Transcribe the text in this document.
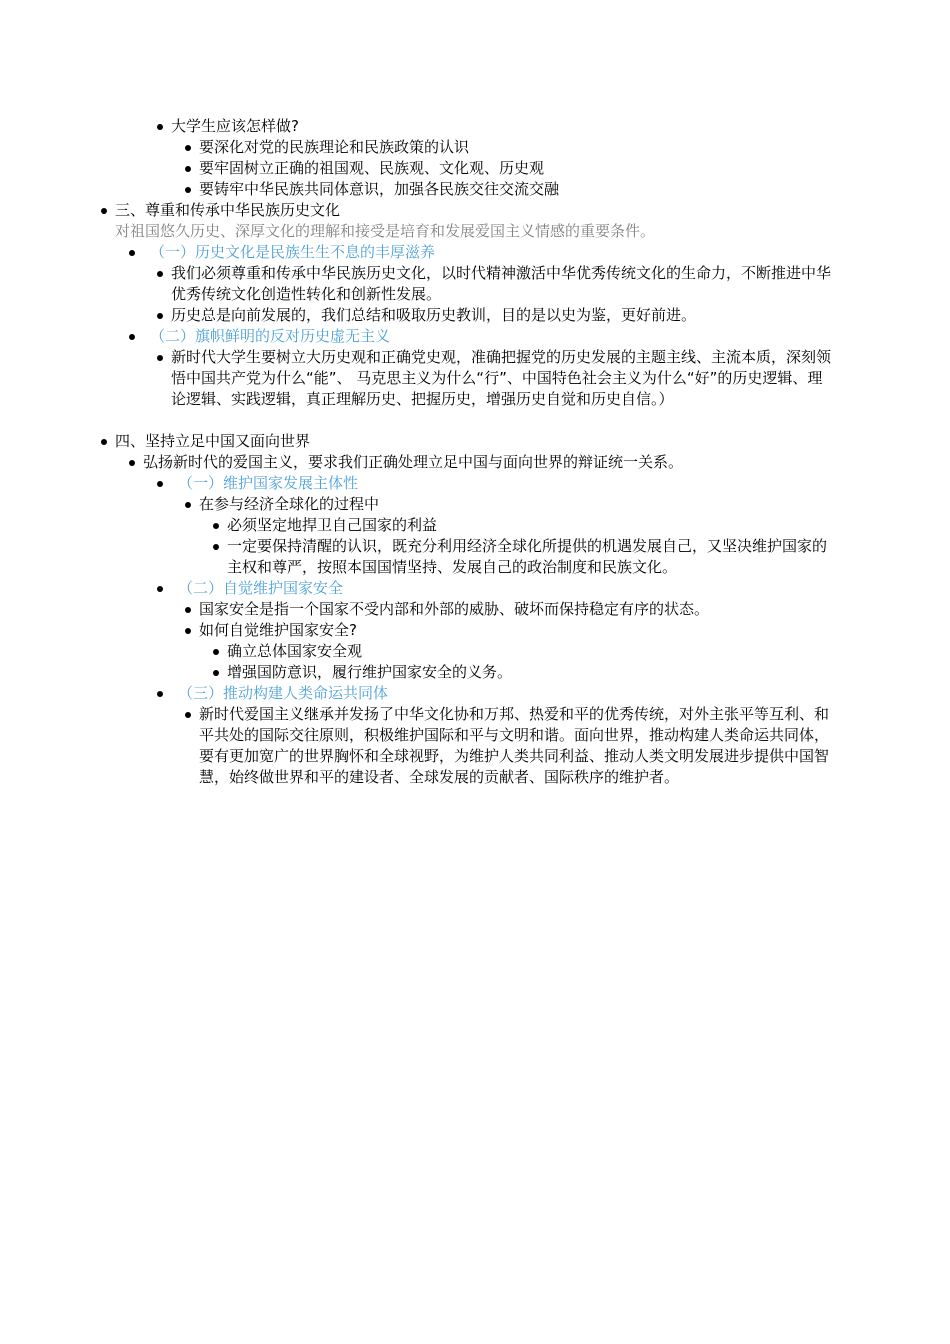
大学生应该怎样做?

要深化对党的民族理论和民族政策的认识

要牢固树立正确的祖国观、民族观、文化观、历史观

要铸牢中华民族共同体意识，加强各民族交往交流交融

三、尊重和传承中华民族历史文化

对祖国悠久历史、深厚文化的理解和接受是培育和发展爱国主义情感的重要条件。

（一）历史文化是民族生生不息的丰厚滋养

我们必须尊重和传承中华民族历史文化，以时代精神激活中华优秀传统文化的生命力，不断推进中华优秀传统文化创造性转化和创新性发展。

历史总是向前发展的，我们总结和吸取历史教训，目的是以史为鉴，更好前进。

（二）旗帜鲜明的反对历史虚无主义

新时代大学生要树立大历史观和正确党史观，准确把握党的历史发展的主题主线、主流本质，深刻领悟中国共产党为什么“能”、 马克思主义为什么“行”、中国特色社会主义为什么“好”的历史逻辑、理论逻辑、实践逻辑，真正理解历史、把握历史，增强历史自觉和历史自信。）

四、坚持立足中国又面向世界

弘扬新时代的爱国主义，要求我们正确处理立足中国与面向世界的辩证统一关系。

（一）维护国家发展主体性

在参与经济全球化的过程中

必须坚定地捍卫自己国家的利益

一定要保持清醒的认识，既充分利用经济全球化所提供的机遇发展自己，又坚决维护国家的主权和尊严，按照本国国情坚持、发展自己的政治制度和民族文化。

（二）自觉维护国家安全

国家安全是指一个国家不受内部和外部的威胁、破坏而保持稳定有序的状态。

如何自觉维护国家安全?

确立总体国家安全观

增强国防意识，履行维护国家安全的义务。

（三）推动构建人类命运共同体

新时代爱国主义继承并发扬了中华文化协和万邦、热爱和平的优秀传统，对外主张平等互利、和平共处的国际交往原则，积极维护国际和平与文明和谐。面向世界，推动构建人类命运共同体，要有更加宽广的世界胸怀和全球视野，为维护人类共同利益、推动人类文明发展进步提供中国智慧，始终做世界和平的建设者、全球发展的贡献者、国际秩序的维护者。
